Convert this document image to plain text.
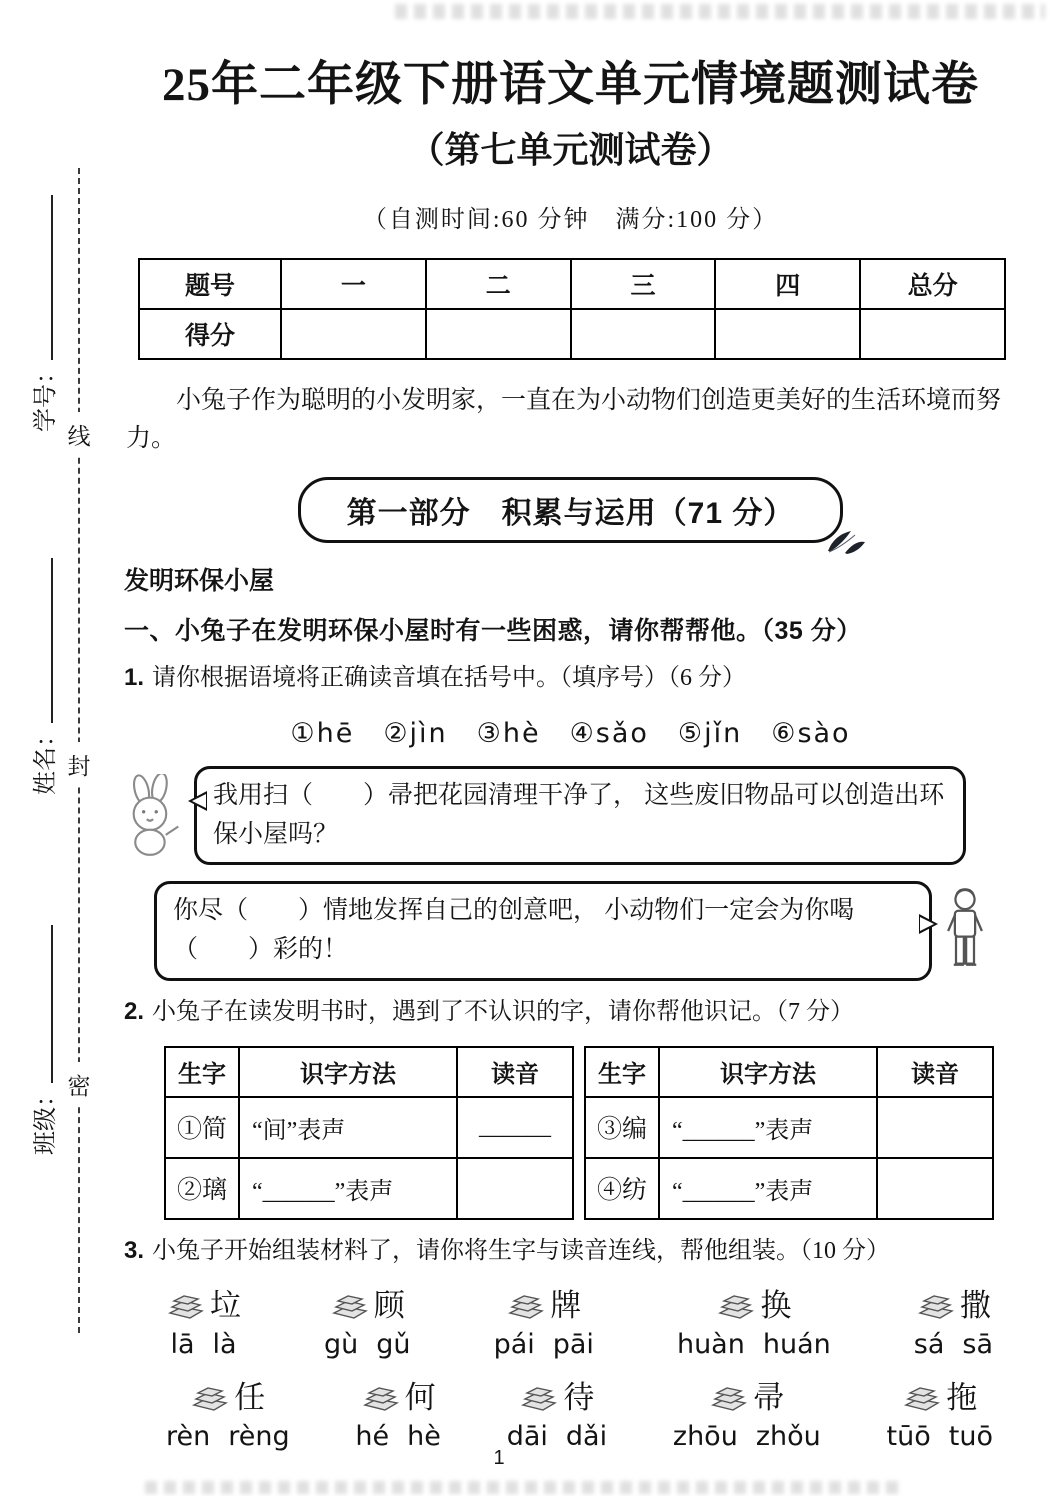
线
封
密
学号：
姓名：
班级：
25年二年级下册语文单元情境题测试卷
（第七单元测试卷）
（自测时间:60 分钟　满分:100 分）
题号	一	二	三	四	总分
得分					

小兔子作为聪明的小发明家，一直在为小动物们创造更美好的生活环境而努力。

第一部分　积累与运用（71 分）
发明环保小屋
一、小兔子在发明环保小屋时有一些困惑，请你帮帮他。（35 分）
1. 请你根据语境将正确读音填在括号中。（填序号）（6 分）
①hē　②jìn　③hè　④sǎo　⑤jǐn　⑥sào
我用扫（　　）帚把花园清理干净了， 这些废旧物品可以创造出环保小屋吗？
你尽（　　）情地发挥自己的创意吧， 小动物们一定会为你喝（　　）彩的！
2. 小兔子在读发明书时，遇到了不认识的字，请你帮他识记。（7 分）
生字	识字方法	读音
①简	“间”表声	______
②璃	“______”表声	
生字	识字方法	读音
③编	“______”表声	
④纺	“______”表声	
3. 小兔子开始组装材料了，请你将生字与读音连线，帮他组装。（10 分）
垃
lā là
顾
gù gǔ
牌
pái pāi
换
huàn huán
撒
sá sā
任
rèn rèng
何
hé hè
待
dāi dǎi
帚
zhōu zhǒu
拖
tūō tuō
1
